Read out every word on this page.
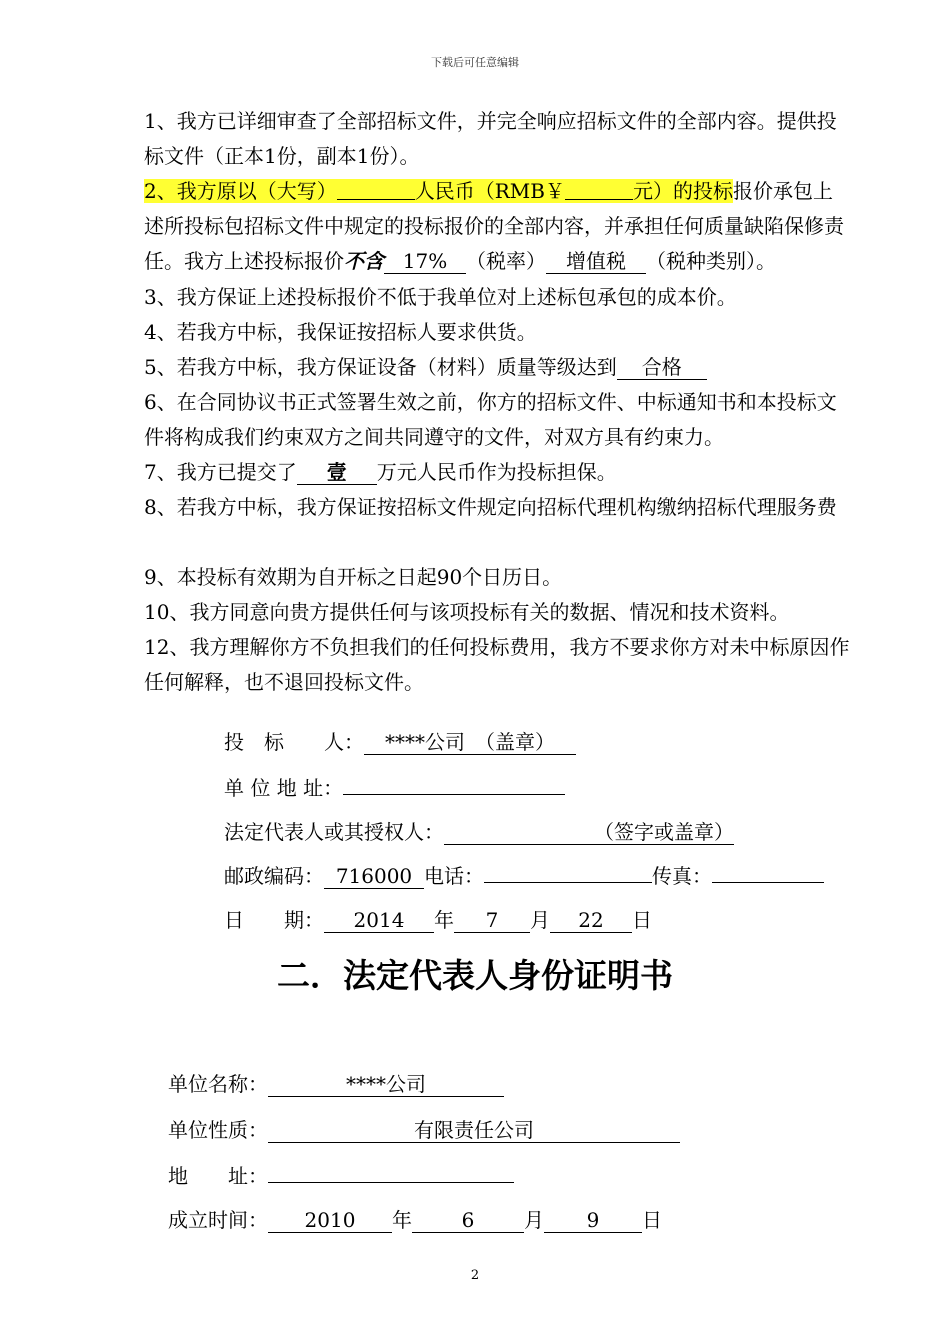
下载后可任意编辑
1、我方已详细审查了全部招标文件，并完全响应招标文件的全部内容。提供投标文件（正本1份，副本1份）。
2、我方原以（大写）	人民币（RMB￥	元）的投标报价承包上述所投标包招标文件中规定的投标报价的全部内容，并承担任何质量缺陷保修责任。我方上述投标报价不含 17% （税率） 增值税 （税种类别）。
3、我方保证上述投标报价不低于我单位对上述标包承包的成本价。
4、若我方中标，我保证按招标人要求供货。
5、若我方中标，我方保证设备（材料）质量等级达到 合格
6、在合同协议书正式签署生效之前，你方的招标文件、中标通知书和本投标文件将构成我们约束双方之间共同遵守的文件，对双方具有约束力。
7、我方已提交了 壹 万元人民币作为投标担保。
8、若我方中标，我方保证按招标文件规定向招标代理机构缴纳招标代理服务费
9、本投标有效期为自开标之日起90个日历日。
10、我方同意向贵方提供任何与该项投标有关的数据、情况和技术资料。
12、我方理解你方不负担我们的任何投标费用，我方不要求你方对未中标原因作任何解释，也不退回投标文件。
投　标　　人： ****公司　（盖章）
单 位 地 址：
法定代表人或其授权人：	（签字或盖章）
邮政编码： 716000 电话：	传真：
日　　期： 2014 年 7 月 22 日
二．法定代表人身份证明书
单位名称：	****公司
单位性质：	有限责任公司
地　　址：
成立时间： 2010 年 6 月 9 日
2
